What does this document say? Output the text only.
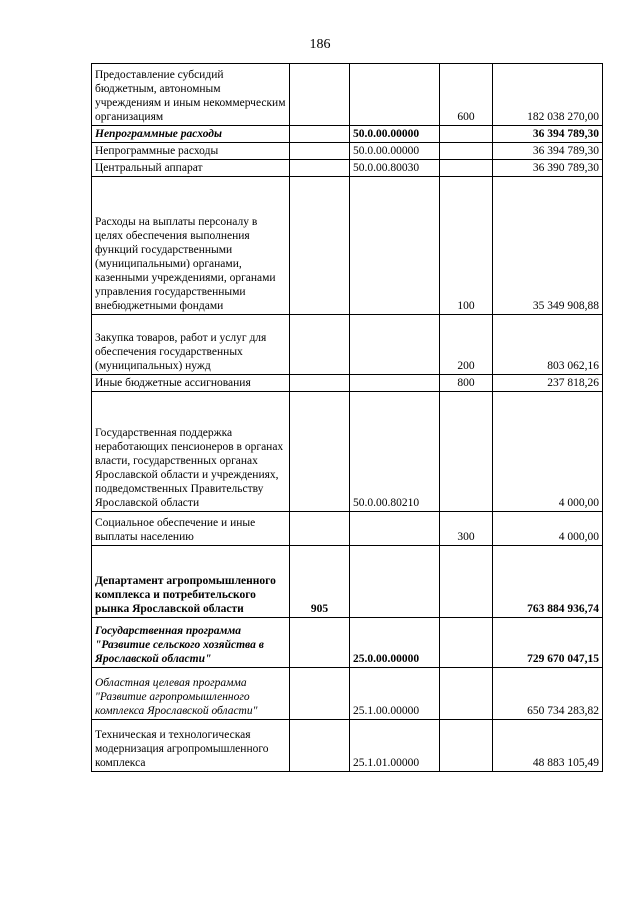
186
Предоставление субсидий бюджетным, автономным учреждениям и иным некоммерческим организациям			600	182 038 270,00
Непрограммные расходы		50.0.00.00000		36 394 789,30
Непрограммные расходы		50.0.00.00000		36 394 789,30
Центральный аппарат		50.0.00.80030		36 390 789,30
Расходы на выплаты персоналу в целях обеспечения выполнения функций государственными (муниципальными) органами, казенными учреждениями, органами управления государственными внебюджетными фондами			100	35 349 908,88
Закупка товаров, работ и услуг для обеспечения государственных (муниципальных) нужд			200	803 062,16
Иные бюджетные ассигнования			800	237 818,26
Государственная поддержка неработающих пенсионеров в органах власти, государственных органах Ярославской области и учреждениях, подведомственных Правительству Ярославской области		50.0.00.80210		4 000,00
Социальное обеспечение и иные выплаты населению			300	4 000,00
Департамент агропромышленного комплекса и потребительского рынка Ярославской области	905			763 884 936,74
Государственная программа "Развитие сельского хозяйства в Ярославской области"		25.0.00.00000		729 670 047,15
Областная целевая программа "Развитие агропромышленного комплекса Ярославской области"		25.1.00.00000		650 734 283,82
Техническая и технологическая модернизация агропромышленного комплекса		25.1.01.00000		48 883 105,49
